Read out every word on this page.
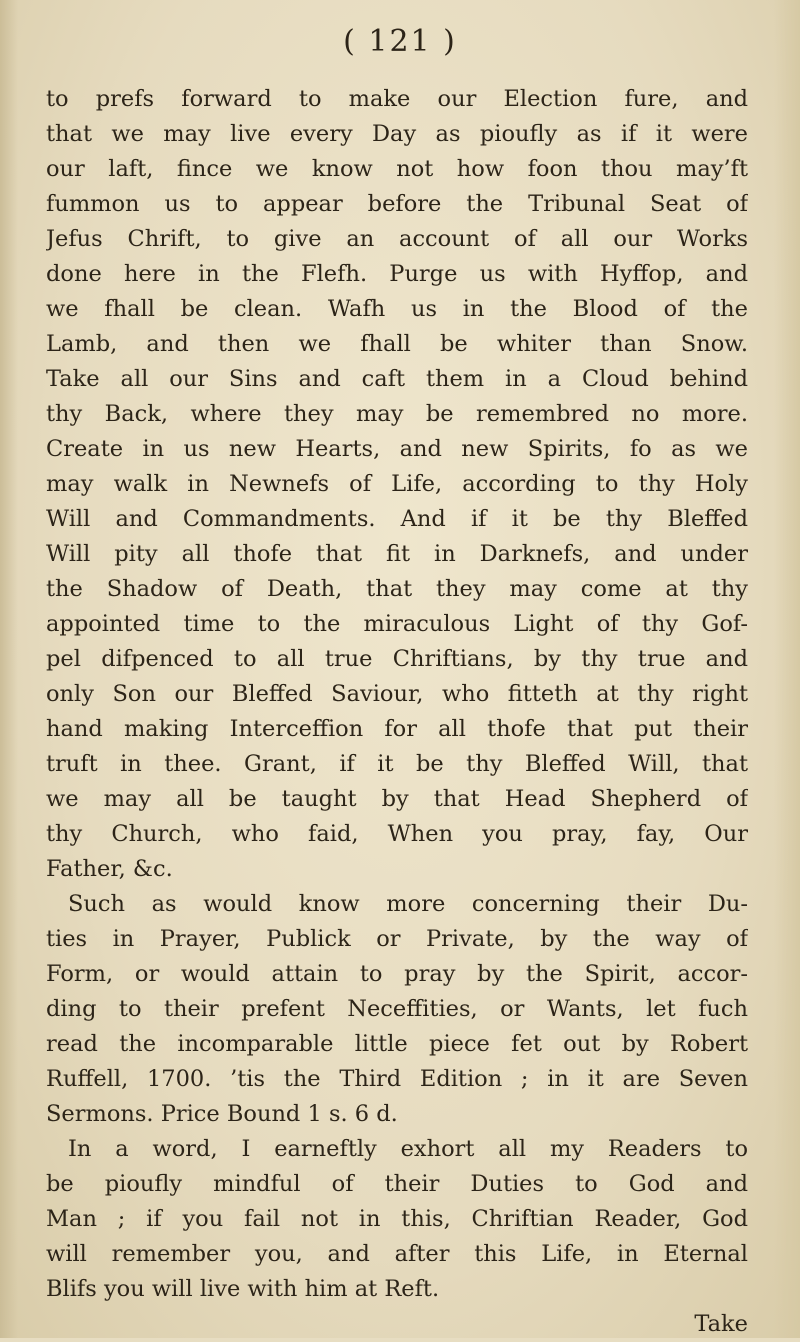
( 121 )
to prefs forward to make our Election fure, and
that we may live every Day as pioufly as if it were
our laft, fince we know not how foon thou may’ft
fummon us to appear before the Tribunal Seat of
Jefus Chrift, to give an account of all our Works
done here in the Flefh. Purge us with Hyffop, and
we fhall be clean. Wafh us in the Blood of the
Lamb, and then we fhall be whiter than Snow.
Take all our Sins and caft them in a Cloud behind
thy Back, where they may be remembred no more.
Create in us new Hearts, and new Spirits, fo as we
may walk in Newnefs of Life, according to thy Holy
Will and Commandments. And if it be thy Bleffed
Will pity all thofe that fit in Darknefs, and under
the Shadow of Death, that they may come at thy
appointed time to the miraculous Light of thy Gof-
pel difpenced to all true Chriftians, by thy true and
only Son our Bleffed Saviour, who fitteth at thy right
hand making Interceffion for all thofe that put their
truft in thee. Grant, if it be thy Bleffed Will, that
we may all be taught by that Head Shepherd of
thy Church, who faid, When you pray, fay, Our
Father, &c.
Such as would know more concerning their Du-
ties in Prayer, Publick or Private, by the way of
Form, or would attain to pray by the Spirit, accor-
ding to their prefent Neceffities, or Wants, let fuch
read the incomparable little piece fet out by Robert
Ruffell, 1700. ’tis the Third Edition ; in it are Seven
Sermons. Price Bound 1 s. 6 d.
In a word, I earneftly exhort all my Readers to
be pioufly mindful of their Duties to God and
Man ; if you fail not in this, Chriftian Reader, God
will remember you, and after this Life, in Eternal
Blifs you will live with him at Reft.
Take
